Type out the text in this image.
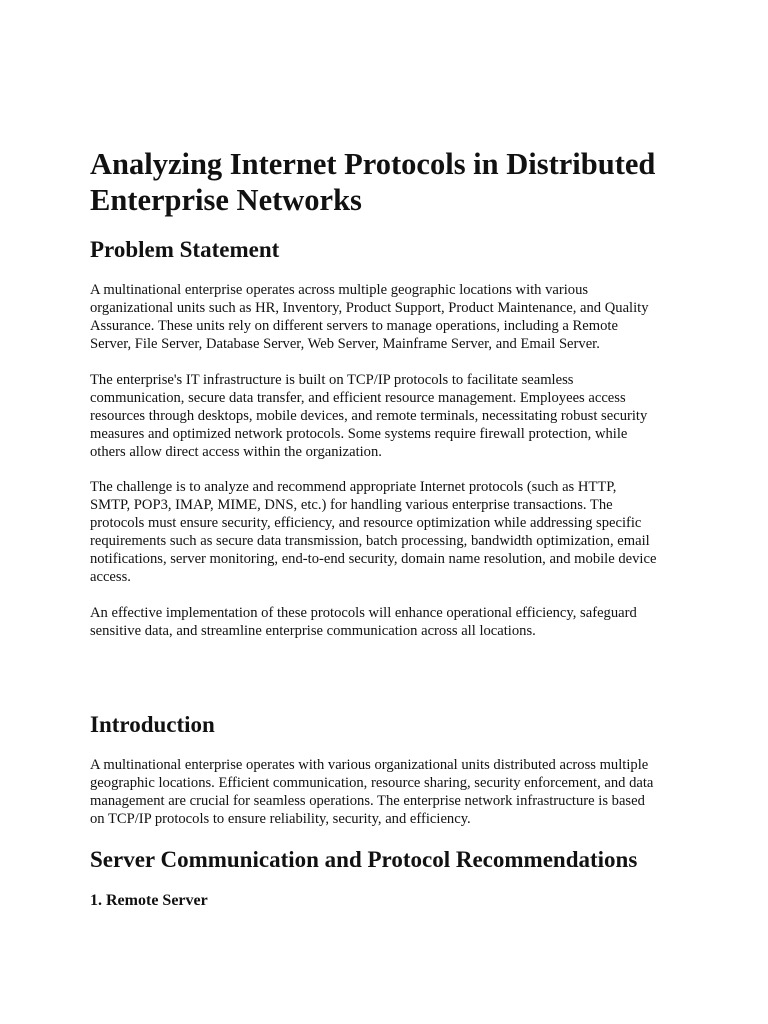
Analyzing Internet Protocols in Distributed
Enterprise Networks
Problem Statement

A multinational enterprise operates across multiple geographic locations with various
organizational units such as HR, Inventory, Product Support, Product Maintenance, and Quality
Assurance. These units rely on different servers to manage operations, including a Remote
Server, File Server, Database Server, Web Server, Mainframe Server, and Email Server.

The enterprise's IT infrastructure is built on TCP/IP protocols to facilitate seamless
communication, secure data transfer, and efficient resource management. Employees access
resources through desktops, mobile devices, and remote terminals, necessitating robust security
measures and optimized network protocols. Some systems require firewall protection, while
others allow direct access within the organization.

The challenge is to analyze and recommend appropriate Internet protocols (such as HTTP,
SMTP, POP3, IMAP, MIME, DNS, etc.) for handling various enterprise transactions. The
protocols must ensure security, efficiency, and resource optimization while addressing specific
requirements such as secure data transmission, batch processing, bandwidth optimization, email
notifications, server monitoring, end-to-end security, domain name resolution, and mobile device
access.

An effective implementation of these protocols will enhance operational efficiency, safeguard
sensitive data, and streamline enterprise communication across all locations.

Introduction

A multinational enterprise operates with various organizational units distributed across multiple
geographic locations. Efficient communication, resource sharing, security enforcement, and data
management are crucial for seamless operations. The enterprise network infrastructure is based
on TCP/IP protocols to ensure reliability, security, and efficiency.

Server Communication and Protocol Recommendations
1. Remote Server
